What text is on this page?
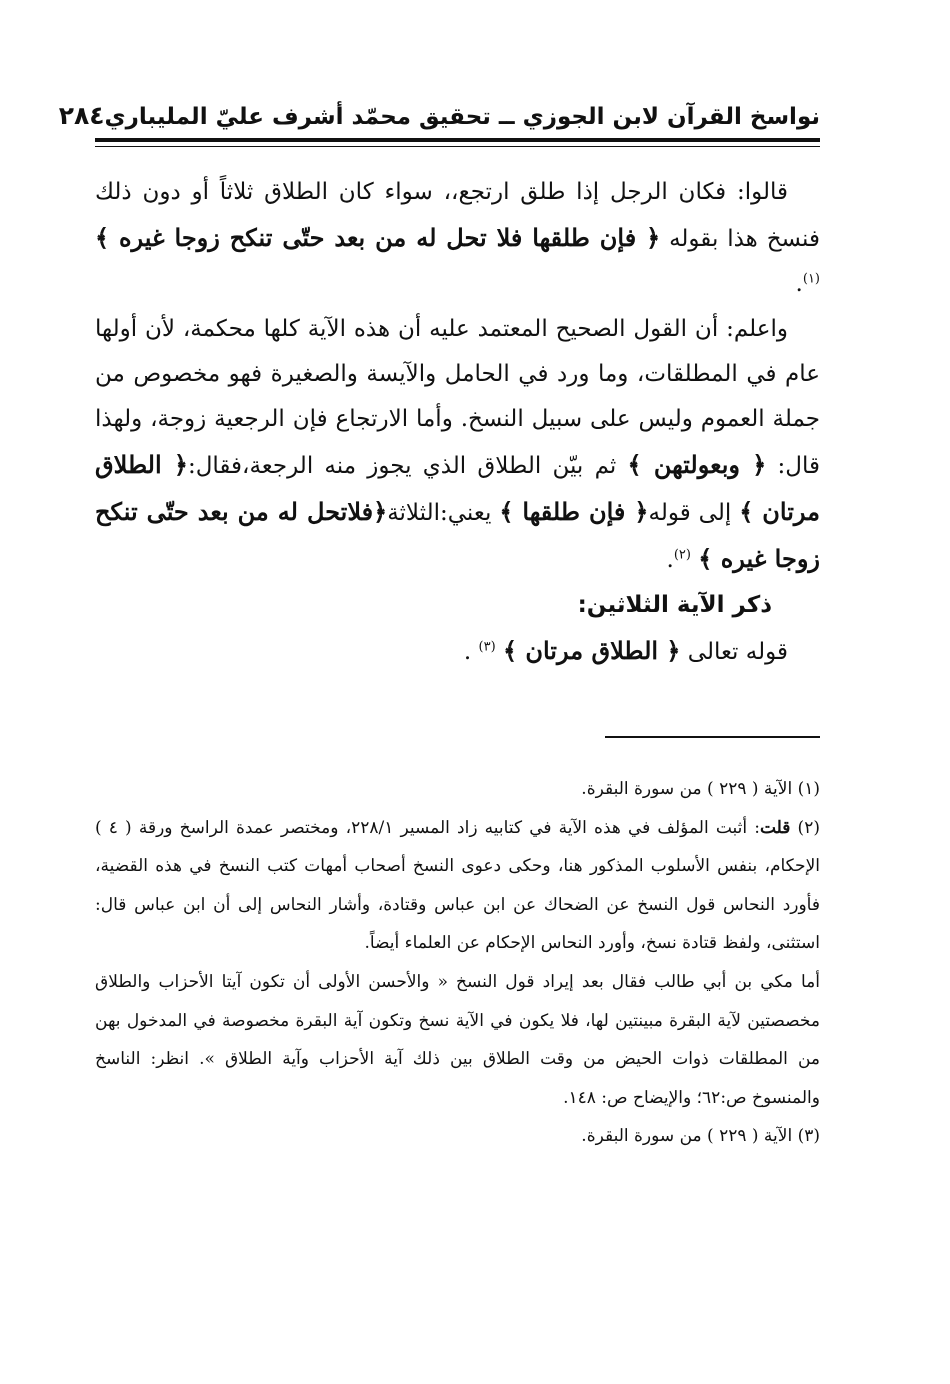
نواسخ القرآن لابن الجوزي ــ تحقيق محمّد أشرف عليّ المليباري
٢٨٤

قالوا: فكان الرجل إذا طلق ارتجع،، سواء كان الطلاق ثلاثاً أو دون ذلك فنسخ هذا بقوله ﴿ فإن طلقها فلا تحل له من بعد حتّى تنكح زوجا غيره ﴾ $^{(١)}$.

واعلم: أن القول الصحيح المعتمد عليه أن هذه الآية كلها محكمة، لأن أولها عام في المطلقات، وما ورد في الحامل والآيسة والصغيرة فهو مخصوص من جملة العموم وليس على سبيل النسخ. وأما الارتجاع فإن الرجعية زوجة، ولهذا قال: ﴿ وبعولتهن ﴾ ثم بيّن الطلاق الذي يجوز منه الرجعة،فقال:﴿ الطلاق مرتان ﴾ إلى قوله﴿ فإن طلقها ﴾ يعني:الثلاثة﴿فلاتحل له من بعد حتّى تنكح زوجا غيره ﴾ $^{(٢)}$.

ذكر الآية الثلاثين:

قوله تعالى ﴿ الطلاق مرتان ﴾ $^{(٣)}$ .

(١) الآية ( ٢٢٩ ) من سورة البقرة.

(٢) قلت: أثبت المؤلف في هذه الآية في كتابيه زاد المسير ٢٢٨/١، ومختصر عمدة الراسخ ورقة ( ٤ ) الإحكام، بنفس الأسلوب المذكور هنا، وحكى دعوى النسخ أصحاب أمهات كتب النسخ في هذه القضية، فأورد النحاس قول النسخ عن الضحاك عن ابن عباس وقتادة، وأشار النحاس إلى أن ابن عباس قال: استثنى، ولفظ قتادة نسخ، وأورد النحاس الإحكام عن العلماء أيضاً.

أما مكي بن أبي طالب فقال بعد إيراد قول النسخ « والأحسن الأولى أن تكون آيتا الأحزاب والطلاق مخصصتين لآية البقرة مبينتين لها، فلا يكون في الآية نسخ وتكون آية البقرة مخصوصة في المدخول بهن من المطلقات ذوات الحيض من وقت الطلاق بين ذلك آية الأحزاب وآية الطلاق ». انظر: الناسخ والمنسوخ ص:٦٢؛ والإيضاح ص: ١٤٨.

(٣) الآية ( ٢٢٩ ) من سورة البقرة.
